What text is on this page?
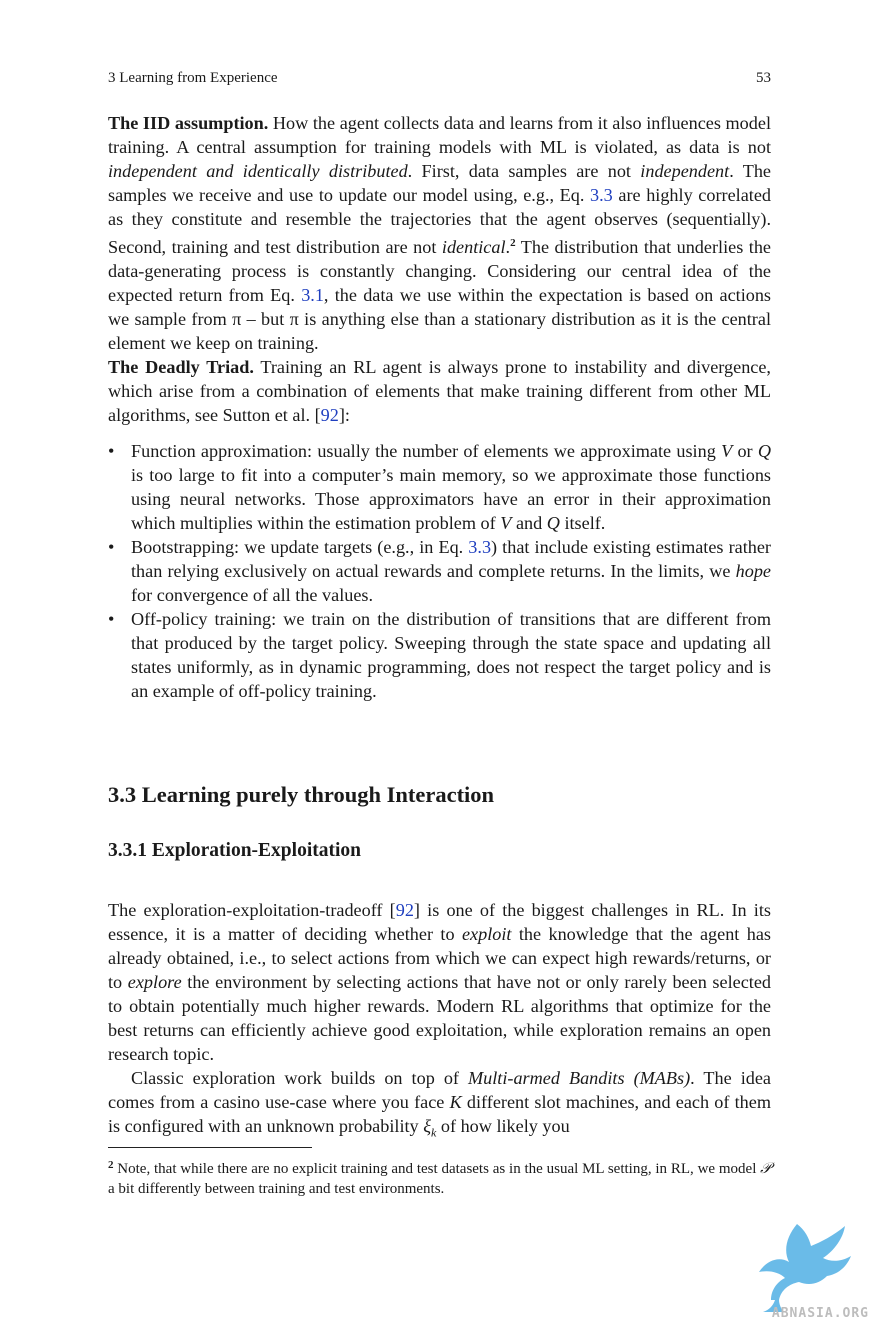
3 Learning from Experience	53

The IID assumption. How the agent collects data and learns from it also influences model training. A central assumption for training models with ML is violated, as data is not independent and identically distributed. First, data samples are not independent. The samples we receive and use to update our model using, e.g., Eq. 3.3 are highly correlated as they constitute and resemble the trajectories that the agent observes (sequentially). Second, training and test distribution are not identical.$^2$ The distribution that underlies the data-generating process is constantly changing. Considering our central idea of the expected return from Eq. 3.1, the data we use within the expectation is based on actions we sample from π – but π is anything else than a stationary distribution as it is the central element we keep on training.

The Deadly Triad. Training an RL agent is always prone to instability and divergence, which arise from a combination of elements that make training different from other ML algorithms, see Sutton et al. [92]:

• Function approximation: usually the number of elements we approximate using V or Q is too large to fit into a computer’s main memory, so we approximate those functions using neural networks. Those approximators have an error in their approximation which multiplies within the estimation problem of V and Q itself.
• Bootstrapping: we update targets (e.g., in Eq. 3.3) that include existing estimates rather than relying exclusively on actual rewards and complete returns. In the limits, we hope for convergence of all the values.
• Off-policy training: we train on the distribution of transitions that are different from that produced by the target policy. Sweeping through the state space and updating all states uniformly, as in dynamic programming, does not respect the target policy and is an example of off-policy training.
3.3 Learning purely through Interaction
3.3.1 Exploration-Exploitation

The exploration-exploitation-tradeoff [92] is one of the biggest challenges in RL. In its essence, it is a matter of deciding whether to exploit the knowledge that the agent has already obtained, i.e., to select actions from which we can expect high rewards/returns, or to explore the environment by selecting actions that have not or only rarely been selected to obtain potentially much higher rewards. Modern RL algorithms that optimize for the best returns can efficiently achieve good exploitation, while exploration remains an open research topic.

Classic exploration work builds on top of Multi-armed Bandits (MABs). The idea comes from a casino use-case where you face K different slot machines, and each of them is configured with an unknown probability $\xi_k$ of how likely you

$^2$ Note, that while there are no explicit training and test datasets as in the usual ML setting, in RL, we model 𝒫 a bit differently between training and test environments.

ABNASIA.ORG
